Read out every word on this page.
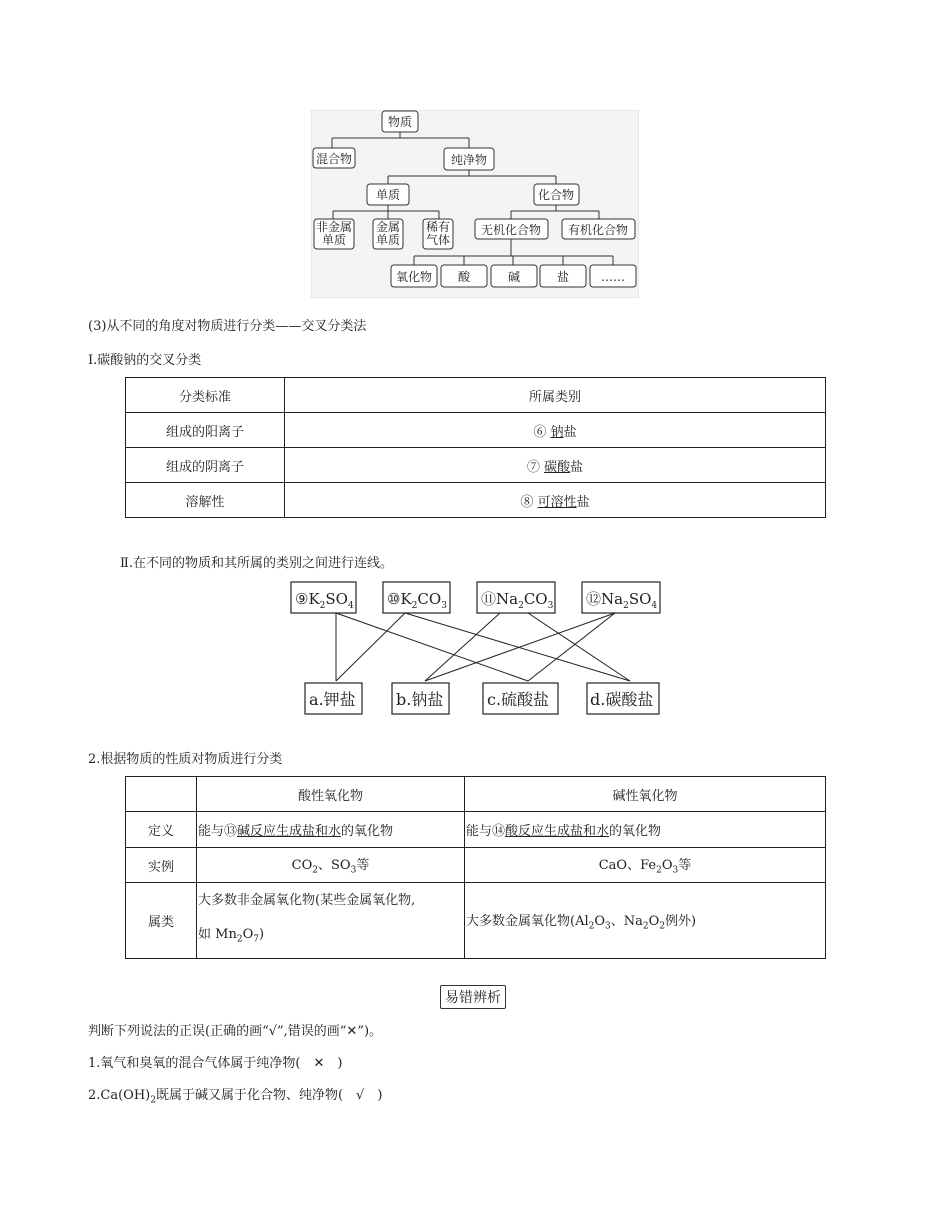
物质
混合物	纯净物
单质	化合物
非金属
单质
金属
单质
稀有
气体
无机化合物 有机化合物
氧化物 酸	碱	盐	……
(3)从不同的角度对物质进行分类——交叉分类法
Ⅰ.碳酸钠的交叉分类
分类标准	所属类别
组成的阳离子	⑥ 钠盐
组成的阴离子	⑦ 碳酸盐
溶解性	⑧ 可溶性盐
Ⅱ.在不同的物质和其所属的类别之间进行连线。
$⑨K_2SO_4$ $⑩K_2CO_3$ $⑪Na_2CO_3$ $⑫Na_2SO_4$
a.钾盐	b.钠盐	c.硫酸盐	d.碳酸盐
2.根据物质的性质对物质进行分类
	酸性氧化物	碱性氧化物
定义	能与⑬碱反应生成盐和水的氧化物	能与⑭酸反应生成盐和水的氧化物
实例	$CO_2$、$SO_3$等	CaO、$Fe_2O_3$等
属类	大多数非金属氧化物(某些金属氧化物,
如 $Mn_2O_7$)	大多数金属氧化物($Al_2O_3$、$Na_2O_2$例外)
易错辨析
判断下列说法的正误(正确的画“√”,错误的画“✕”)。
1.氧气和臭氧的混合气体属于纯净物(　✕　)
$2.Ca(OH)_2$既属于碱又属于化合物、纯净物(　√　)
